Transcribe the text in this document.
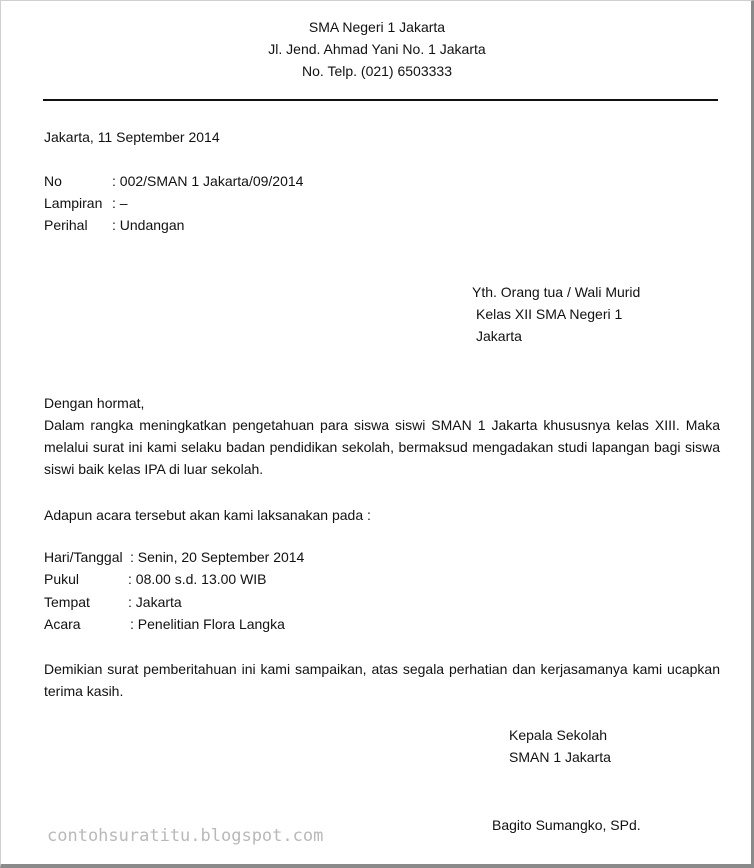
SMA Negeri 1 Jakarta
Jl. Jend. Ahmad Yani No. 1 Jakarta
No. Telp. (021) 6503333
Jakarta, 11 September 2014
No	: 002/SMAN 1 Jakarta/09/2014
Lampiran : –
Perihal : Undangan
Yth. Orang tua / Wali Murid
Kelas XII SMA Negeri 1
Jakarta
Dengan hormat,
Dalam rangka meningkatkan pengetahuan para siswa siswi SMAN 1 Jakarta khususnya kelas XIII. Maka melalui surat ini kami selaku badan pendidikan sekolah, bermaksud mengadakan studi lapangan bagi siswa siswi baik kelas IPA di luar sekolah.
Adapun acara tersebut akan kami laksanakan pada :
Hari/Tanggal : Senin, 20 September 2014
Pukul	: 08.00 s.d. 13.00 WIB
Tempat	: Jakarta
Acara	: Penelitian Flora Langka
Demikian surat pemberitahuan ini kami sampaikan, atas segala perhatian dan kerjasamanya kami ucapkan terima kasih.
Kepala Sekolah
SMAN 1 Jakarta
Bagito Sumangko, SPd.
contohsuratitu.blogspot.com
